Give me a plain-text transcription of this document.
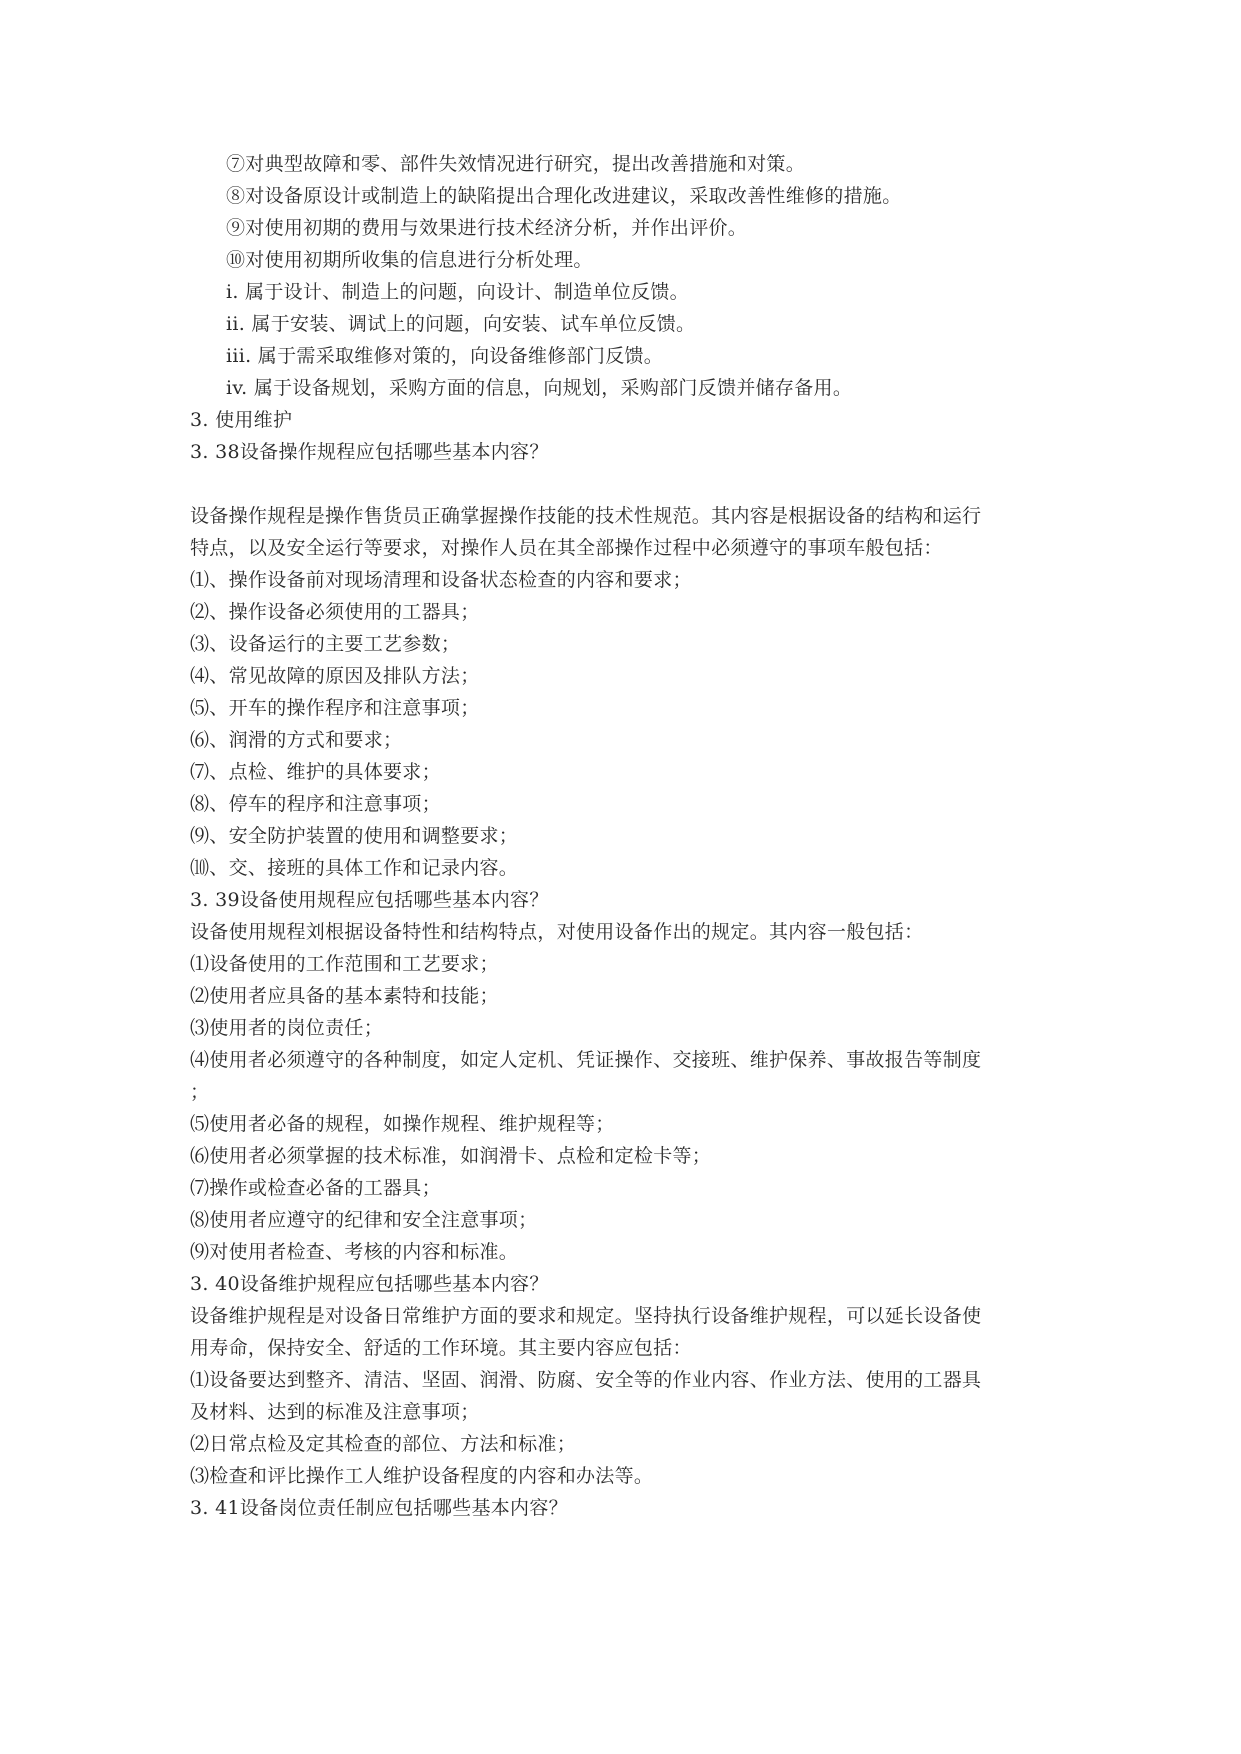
⑦对典型故障和零、部件失效情况进行研究，提出改善措施和对策。
⑧对设备原设计或制造上的缺陷提出合理化改进建议，采取改善性维修的措施。
⑨对使用初期的费用与效果进行技术经济分析，并作出评价。
⑩对使用初期所收集的信息进行分析处理。
i. 属于设计、制造上的问题，向设计、制造单位反馈。
ii. 属于安装、调试上的问题，向安装、试车单位反馈。
iii. 属于需采取维修对策的，向设备维修部门反馈。
iv. 属于设备规划，采购方面的信息，向规划，采购部门反馈并储存备用。
3. 使用维护
3. 38设备操作规程应包括哪些基本内容？
设备操作规程是操作售货员正确掌握操作技能的技术性规范。其内容是根据设备的结构和运行
特点，以及安全运行等要求，对操作人员在其全部操作过程中必须遵守的事项车般包括：
⑴、操作设备前对现场清理和设备状态检查的内容和要求；
⑵、操作设备必须使用的工器具；
⑶、设备运行的主要工艺参数；
⑷、常见故障的原因及排队方法；
⑸、开车的操作程序和注意事项；
⑹、润滑的方式和要求；
⑺、点检、维护的具体要求；
⑻、停车的程序和注意事项；
⑼、安全防护装置的使用和调整要求；
⑽、交、接班的具体工作和记录内容。
3. 39设备使用规程应包括哪些基本内容？
设备使用规程刘根据设备特性和结构特点，对使用设备作出的规定。其内容一般包括：
⑴设备使用的工作范围和工艺要求；
⑵使用者应具备的基本素特和技能；
⑶使用者的岗位责任；
⑷使用者必须遵守的各种制度，如定人定机、凭证操作、交接班、维护保养、事故报告等制度
；
⑸使用者必备的规程，如操作规程、维护规程等；
⑹使用者必须掌握的技术标准，如润滑卡、点检和定检卡等；
⑺操作或检查必备的工器具；
⑻使用者应遵守的纪律和安全注意事项；
⑼对使用者检查、考核的内容和标准。
3. 40设备维护规程应包括哪些基本内容？
设备维护规程是对设备日常维护方面的要求和规定。坚持执行设备维护规程，可以延长设备使
用寿命，保持安全、舒适的工作环境。其主要内容应包括：
⑴设备要达到整齐、清洁、坚固、润滑、防腐、安全等的作业内容、作业方法、使用的工器具
及材料、达到的标准及注意事项；
⑵日常点检及定其检查的部位、方法和标准；
⑶检查和评比操作工人维护设备程度的内容和办法等。
3. 41设备岗位责任制应包括哪些基本内容？
